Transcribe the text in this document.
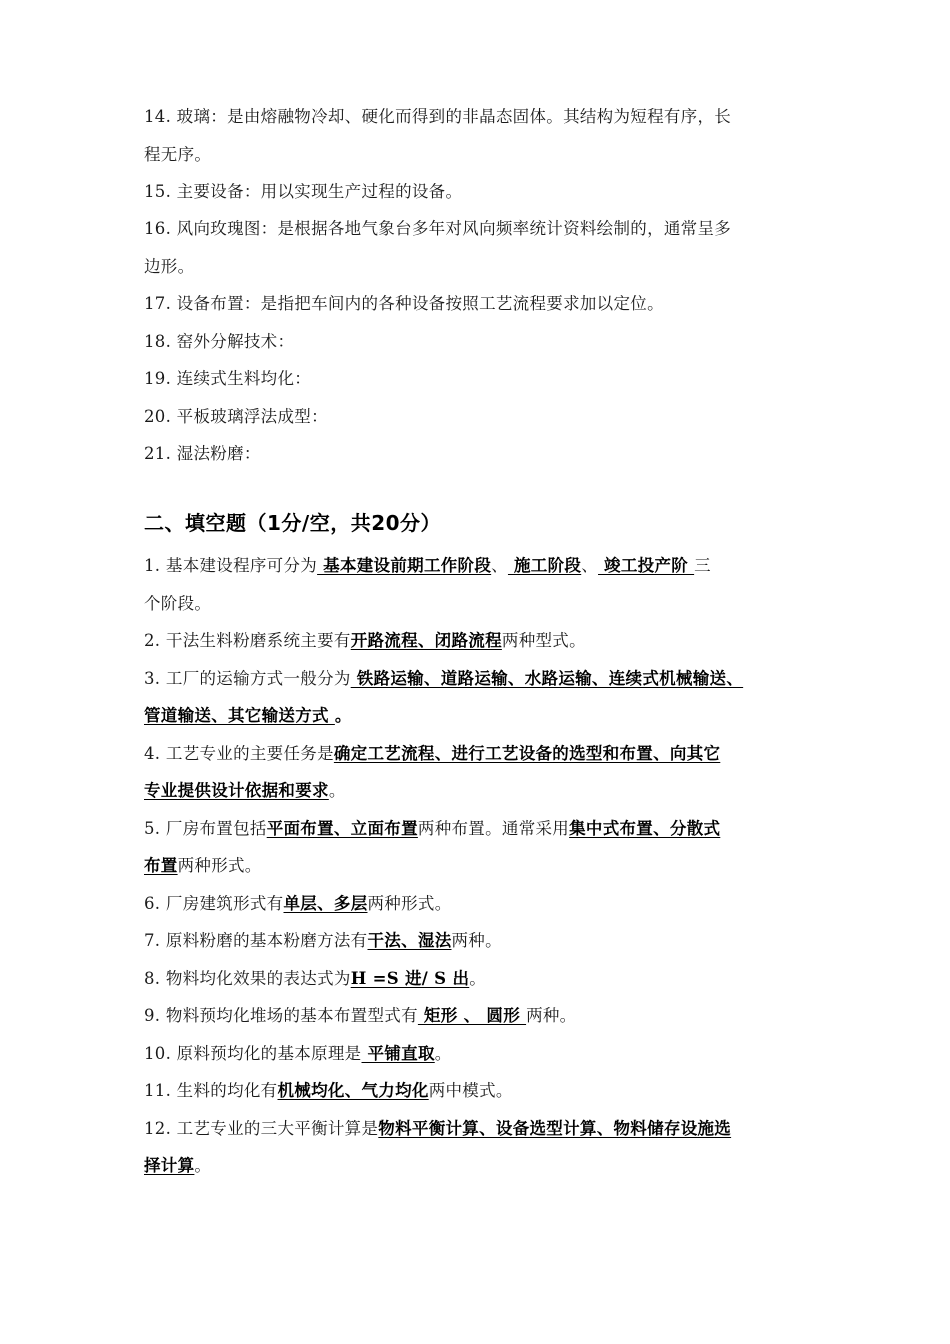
14. 玻璃：是由熔融物冷却、硬化而得到的非晶态固体。其结构为短程有序，长
程无序。
15. 主要设备：用以实现生产过程的设备。
16. 风向玫瑰图：是根据各地气象台多年对风向频率统计资料绘制的，通常呈多
边形。
17. 设备布置：是指把车间内的各种设备按照工艺流程要求加以定位。
18. 窑外分解技术：
19. 连续式生料均化：
20. 平板玻璃浮法成型：
21. 湿法粉磨：
二、填空题（1分/空，共20分）
1. 基本建设程序可分为 基本建设前期工作阶段、 施工阶段、 竣工投产阶 三
个阶段。
2. 干法生料粉磨系统主要有开路流程、闭路流程两种型式。
3. 工厂的运输方式一般分为 铁路运输、道路运输、水路运输、连续式机械输送、
管道输送、其它输送方式 。
4. 工艺专业的主要任务是确定工艺流程、进行工艺设备的选型和布置、向其它
专业提供设计依据和要求。
5. 厂房布置包括平面布置、立面布置两种布置。通常采用集中式布置、分散式
布置两种形式。
6. 厂房建筑形式有单层、多层两种形式。
7. 原料粉磨的基本粉磨方法有干法、湿法两种。
8. 物料均化效果的表达式为H =S 进/ S 出。
9. 物料预均化堆场的基本布置型式有 矩形 、 圆形 两种。
10. 原料预均化的基本原理是 平铺直取。
11. 生料的均化有机械均化、气力均化两中模式。
12. 工艺专业的三大平衡计算是物料平衡计算、设备选型计算、物料储存设施选
择计算。
